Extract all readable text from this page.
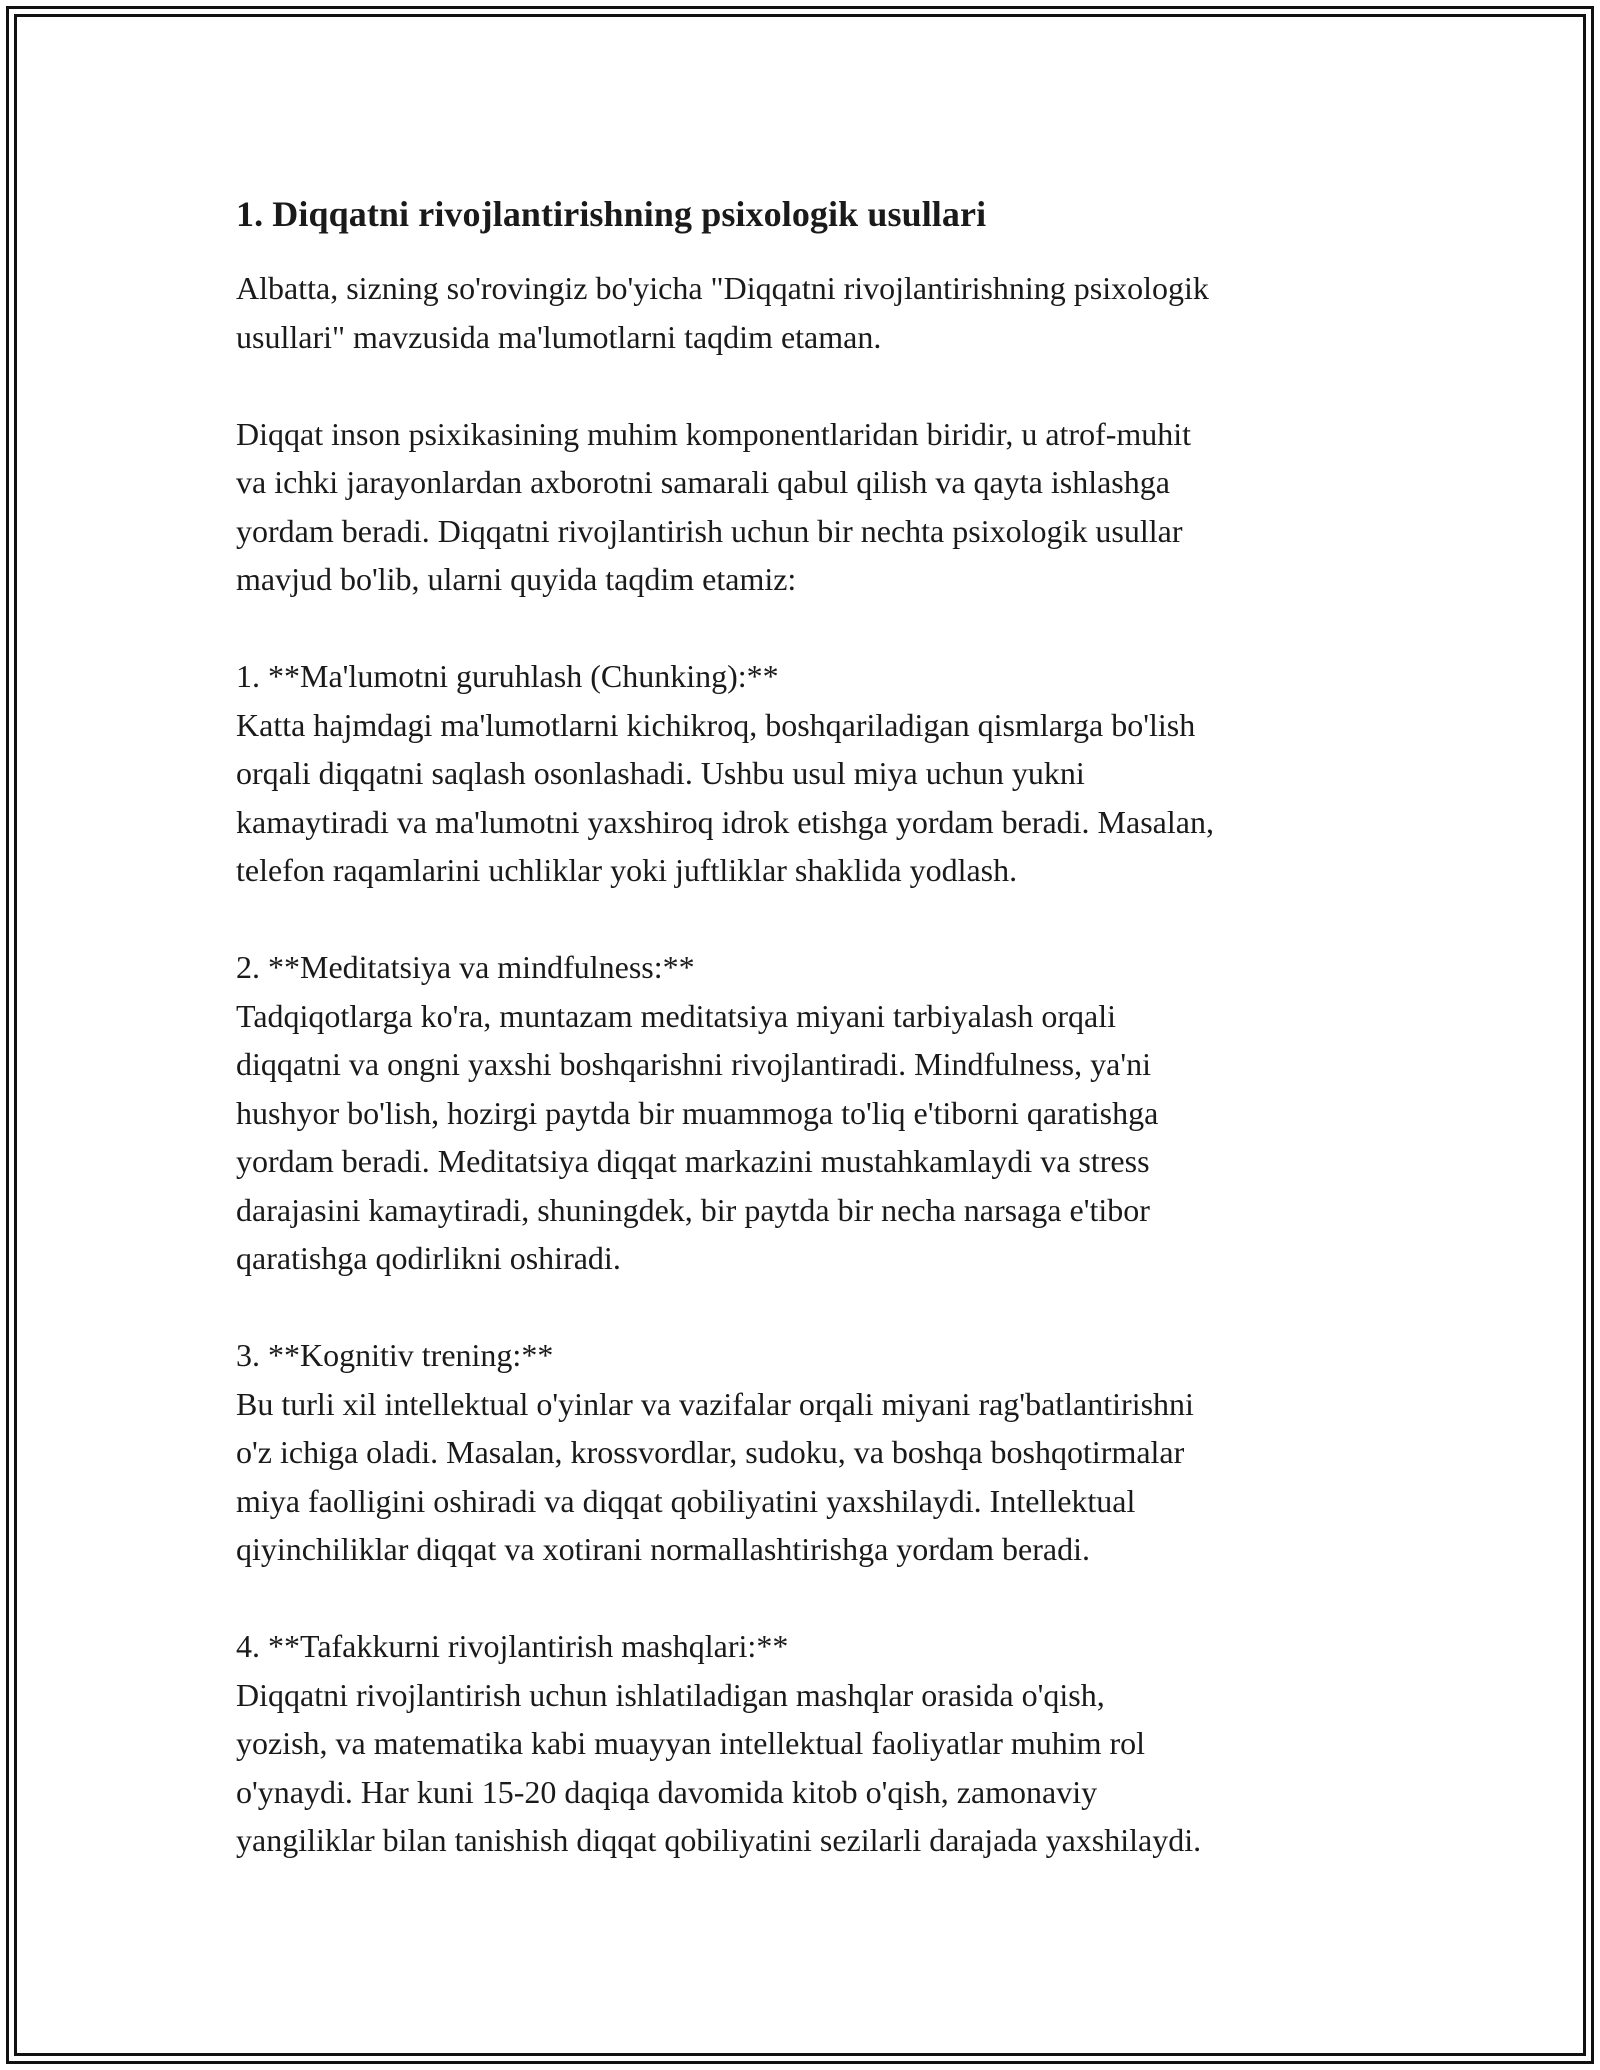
1. Diqqatni rivojlantirishning psixologik usullari

Albatta, sizning so'rovingiz bo'yicha "Diqqatni rivojlantirishning psixologik
usullari" mavzusida ma'lumotlarni taqdim etaman.

Diqqat inson psixikasining muhim komponentlaridan biridir, u atrof-muhit
va ichki jarayonlardan axborotni samarali qabul qilish va qayta ishlashga
yordam beradi. Diqqatni rivojlantirish uchun bir nechta psixologik usullar
mavjud bo'lib, ularni quyida taqdim etamiz:

1. **Ma'lumotni guruhlash (Chunking):**
Katta hajmdagi ma'lumotlarni kichikroq, boshqariladigan qismlarga bo'lish
orqali diqqatni saqlash osonlashadi. Ushbu usul miya uchun yukni
kamaytiradi va ma'lumotni yaxshiroq idrok etishga yordam beradi. Masalan,
telefon raqamlarini uchliklar yoki juftliklar shaklida yodlash.

2. **Meditatsiya va mindfulness:**
Tadqiqotlarga ko'ra, muntazam meditatsiya miyani tarbiyalash orqali
diqqatni va ongni yaxshi boshqarishni rivojlantiradi. Mindfulness, ya'ni
hushyor bo'lish, hozirgi paytda bir muammoga to'liq e'tiborni qaratishga
yordam beradi. Meditatsiya diqqat markazini mustahkamlaydi va stress
darajasini kamaytiradi, shuningdek, bir paytda bir necha narsaga e'tibor
qaratishga qodirlikni oshiradi.

3. **Kognitiv trening:**
Bu turli xil intellektual o'yinlar va vazifalar orqali miyani rag'batlantirishni
o'z ichiga oladi. Masalan, krossvordlar, sudoku, va boshqa boshqotirmalar
miya faolligini oshiradi va diqqat qobiliyatini yaxshilaydi. Intellektual
qiyinchiliklar diqqat va xotirani normallashtirishga yordam beradi.

4. **Tafakkurni rivojlantirish mashqlari:**
Diqqatni rivojlantirish uchun ishlatiladigan mashqlar orasida o'qish,
yozish, va matematika kabi muayyan intellektual faoliyatlar muhim rol
o'ynaydi. Har kuni 15-20 daqiqa davomida kitob o'qish, zamonaviy
yangiliklar bilan tanishish diqqat qobiliyatini sezilarli darajada yaxshilaydi.
